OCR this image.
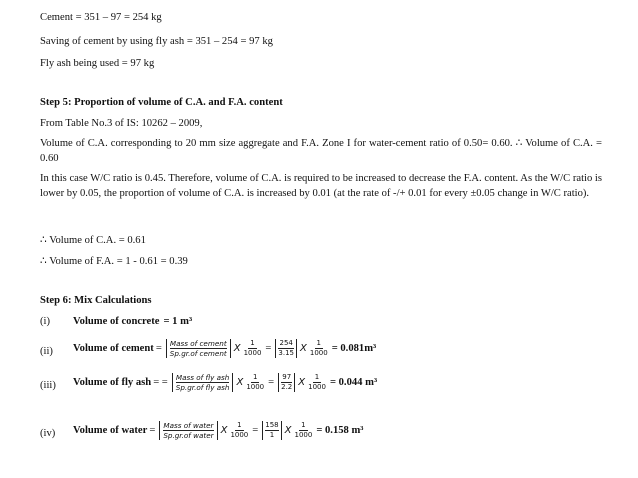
Cement = 351 – 97 = 254 kg
Saving of cement by using fly ash = 351 – 254 = 97 kg
Fly ash being used = 97 kg
Step 5: Proportion of volume of C.A. and F.A. content
From Table No.3 of IS: 10262 – 2009,
Volume of C.A. corresponding to 20 mm size aggregate and F.A. Zone I for water-cement ratio of 0.50= 0.60. ∴ Volume of C.A. = 0.60
In this case W/C ratio is 0.45. Therefore, volume of C.A. is required to be increased to decrease the F.A. content. As the W/C ratio is lower by 0.05, the proportion of volume of C.A. is increased by 0.01 (at the rate of -/+ 0.01 for every ±0.05 change in W/C ratio).
∴ Volume of C.A. = 0.61
∴ Volume of F.A. = 1 - 0.61 = 0.39
Step 6: Mix Calculations
(i) Volume of concrete = 1 m³
(ii) Volume of cement = Mass of cement
Sp.gr.of cement X $\frac{1}{1000} = \frac{254}{3.15}$ X $\frac{1}{1000} = 0.081m^3$
(iii) Volume of fly ash = = Mass of fly ash
Sp.gr.of fly ash X $\frac{1}{1000} = \frac{97}{2.2}$ X $\frac{1}{1000} = 0.044$ m³
(iv) Volume of water = Mass of water
Sp.gr.of water X $\frac{1}{1000} = \frac{158}{1}$ X $\frac{1}{1000} = 0.158$ m³
